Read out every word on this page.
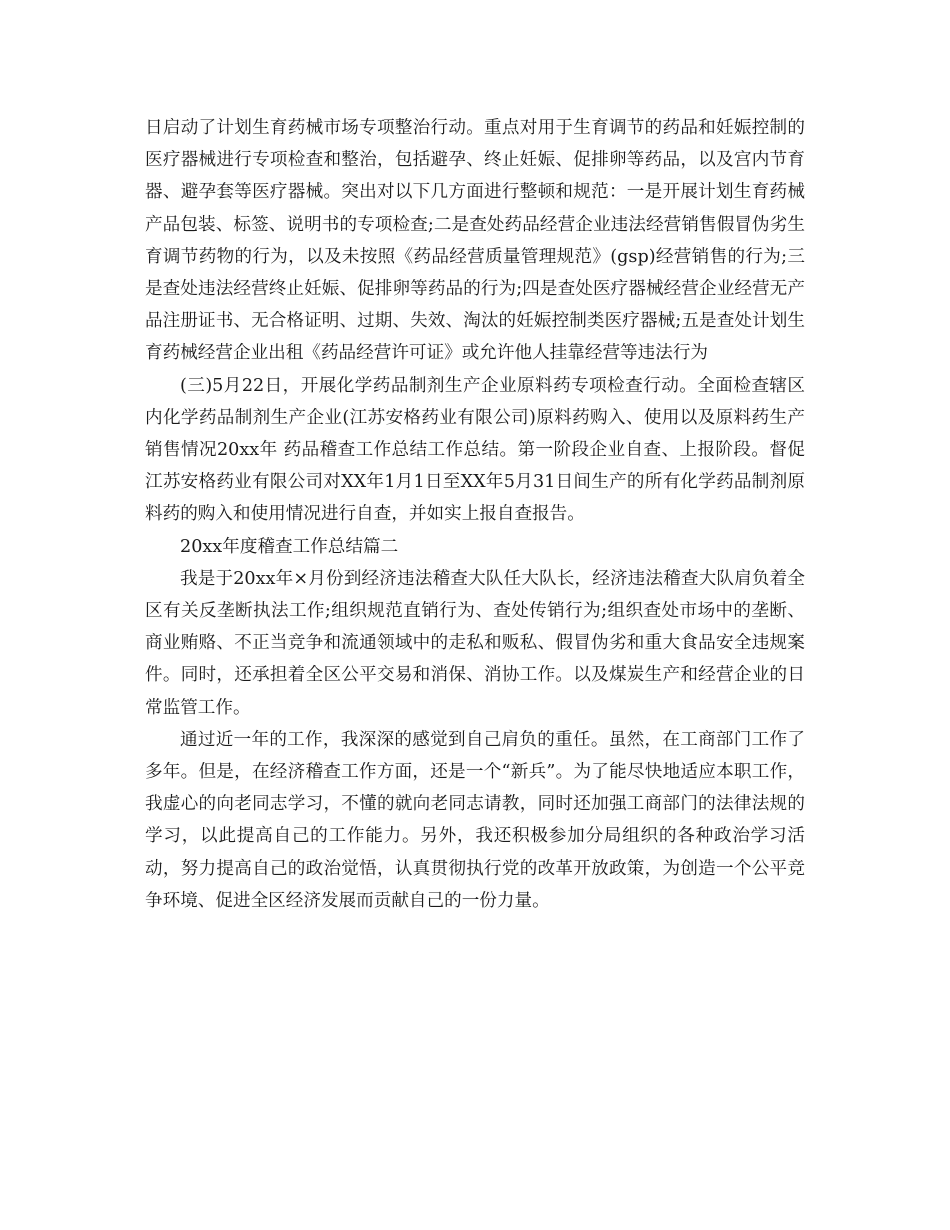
日启动了计划生育药械市场专项整治行动。重点对用于生育调节的药品和妊娠控制的医疗器械进行专项检查和整治，包括避孕、终止妊娠、促排卵等药品，以及宫内节育器、避孕套等医疗器械。突出对以下几方面进行整顿和规范：一是开展计划生育药械产品包装、标签、说明书的专项检查;二是查处药品经营企业违法经营销售假冒伪劣生育调节药物的行为，以及未按照《药品经营质量管理规范》(gsp)经营销售的行为;三是查处违法经营终止妊娠、促排卵等药品的行为;四是查处医疗器械经营企业经营无产品注册证书、无合格证明、过期、失效、淘汰的妊娠控制类医疗器械;五是查处计划生育药械经营企业出租《药品经营许可证》或允许他人挂靠经营等违法行为

(三)5月22日，开展化学药品制剂生产企业原料药专项检查行动。全面检查辖区内化学药品制剂生产企业(江苏安格药业有限公司)原料药购入、使用以及原料药生产销售情况20xx年 药品稽查工作总结工作总结。第一阶段企业自查、上报阶段。督促江苏安格药业有限公司对XX年1月1日至XX年5月31日间生产的所有化学药品制剂原料药的购入和使用情况进行自查，并如实上报自查报告。

20xx年度稽查工作总结篇二

我是于20xx年×月份到经济违法稽查大队任大队长，经济违法稽查大队肩负着全区有关反垄断执法工作;组织规范直销行为、查处传销行为;组织查处市场中的垄断、商业贿赂、不正当竞争和流通领域中的走私和贩私、假冒伪劣和重大食品安全违规案件。同时，还承担着全区公平交易和消保、消协工作。以及煤炭生产和经营企业的日常监管工作。

通过近一年的工作，我深深的感觉到自己肩负的重任。虽然，在工商部门工作了多年。但是，在经济稽查工作方面，还是一个“新兵”。为了能尽快地适应本职工作，我虚心的向老同志学习，不懂的就向老同志请教，同时还加强工商部门的法律法规的学习，以此提高自己的工作能力。另外，我还积极参加分局组织的各种政治学习活动，努力提高自己的政治觉悟，认真贯彻执行党的改革开放政策，为创造一个公平竞争环境、促进全区经济发展而贡献自己的一份力量。
